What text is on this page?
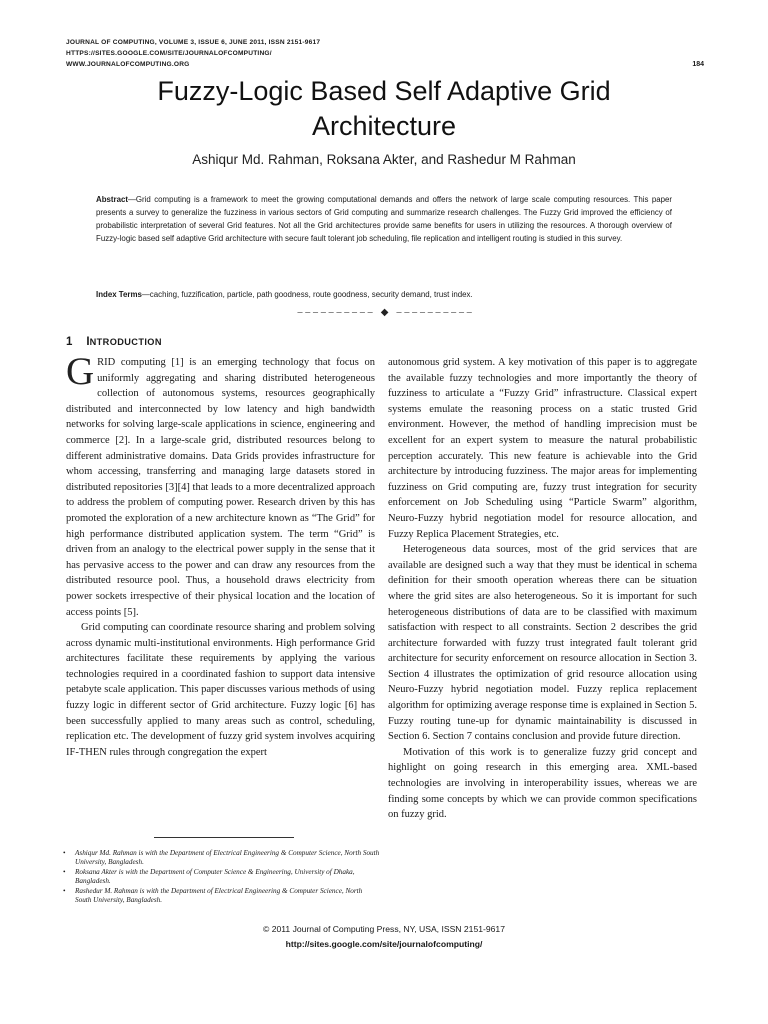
JOURNAL OF COMPUTING, VOLUME 3, ISSUE 6, JUNE 2011, ISSN 2151-9617
HTTPS://SITES.GOOGLE.COM/SITE/JOURNALOFCOMPUTING/
WWW.JOURNALOFCOMPUTING.ORG	184
Fuzzy-Logic Based Self Adaptive Grid
Architecture
Ashiqur Md. Rahman, Roksana Akter, and Rashedur M Rahman
Abstract—Grid computing is a framework to meet the growing computational demands and offers the network of large scale computing resources. This paper presents a survey to generalize the fuzziness in various sectors of Grid computing and summarize research challenges. The Fuzzy Grid improved the efficiency of probabilistic interpretation of several Grid features. Not all the Grid architectures provide same benefits for users in utilizing the resources. A thorough overview of Fuzzy-logic based self adaptive Grid architecture with secure fault tolerant job scheduling, file replication and intelligent routing is studied in this survey.
Index Terms—caching, fuzzification, particle, path goodness, route goodness, security demand, trust index.
–––––––––– ◆ ––––––––––
1 INTRODUCTION

GRID computing [1] is an emerging technology that focus on uniformly aggregating and sharing distributed heterogeneous collection of autonomous systems, resources geographically distributed and interconnected by low latency and high bandwidth networks for solving large-scale applications in science, engineering and commerce [2]. In a large-scale grid, distributed resources belong to different administrative domains. Data Grids provides infrastructure for whom accessing, transferring and managing large datasets stored in distributed repositories [3][4] that leads to a more decentralized approach to address the problem of computing power. Research driven by this has promoted the exploration of a new architecture known as “The Grid” for high performance distributed application system. The term “Grid” is driven from an analogy to the electrical power supply in the sense that it has pervasive access to the power and can draw any resources from the distributed resource pool. Thus, a household draws electricity from power sockets irrespective of their physical location and the location of access points [5].

Grid computing can coordinate resource sharing and problem solving across dynamic multi-institutional environments. High performance Grid architectures facilitate these requirements by applying the various technologies required in a coordinated fashion to support data intensive petabyte scale application. This paper discusses various methods of using fuzzy logic in different sector of Grid architecture. Fuzzy logic [6] has been successfully applied to many areas such as control, scheduling, replication etc. The development of fuzzy grid system involves acquiring IF-THEN rules through congregation the expert

autonomous grid system. A key motivation of this paper is to aggregate the available fuzzy technologies and more importantly the theory of fuzziness to articulate a “Fuzzy Grid” infrastructure. Classical expert systems emulate the reasoning process on a static trusted Grid environment. However, the method of handling imprecision must be excellent for an expert system to measure the natural probabilistic perception accurately. This new feature is achievable into the Grid architecture by introducing fuzziness. The major areas for implementing fuzziness on Grid computing are, fuzzy trust integration for security enforcement on Job Scheduling using “Particle Swarm” algorithm, Neuro-Fuzzy hybrid negotiation model for resource allocation, and Fuzzy Replica Placement Strategies, etc.

Heterogeneous data sources, most of the grid services that are available are designed such a way that they must be identical in schema definition for their smooth operation whereas there can be situation where the grid sites are also heterogeneous. So it is important for such heterogeneous distributions of data are to be classified with maximum satisfaction with respect to all constraints. Section 2 describes the grid architecture forwarded with fuzzy trust integrated fault tolerant grid architecture for security enforcement on resource allocation in Section 3. Section 4 illustrates the optimization of grid resource allocation using Neuro-Fuzzy hybrid negotiation model. Fuzzy replica replacement algorithm for optimizing average response time is explained in Section 5. Fuzzy routing tune-up for dynamic maintainability is discussed in Section 6. Section 7 contains conclusion and provide future direction.

Motivation of this work is to generalize fuzzy grid concept and highlight on going research in this emerging area. XML-based technologies are involving in interoperability issues, whereas we are finding some concepts by which we can provide common specifications on fuzzy grid.

• Ashiqur Md. Rahman is with the Department of Electrical Engineering & Computer Science, North South University, Bangladesh.
• Roksana Akter is with the Department of Computer Science & Engineering, University of Dhaka, Bangladesh.
• Rashedur M. Rahman is with the Department of Electrical Engineering & Computer Science, North South University, Bangladesh.
© 2011 Journal of Computing Press, NY, USA, ISSN 2151-9617
http://sites.google.com/site/journalofcomputing/
